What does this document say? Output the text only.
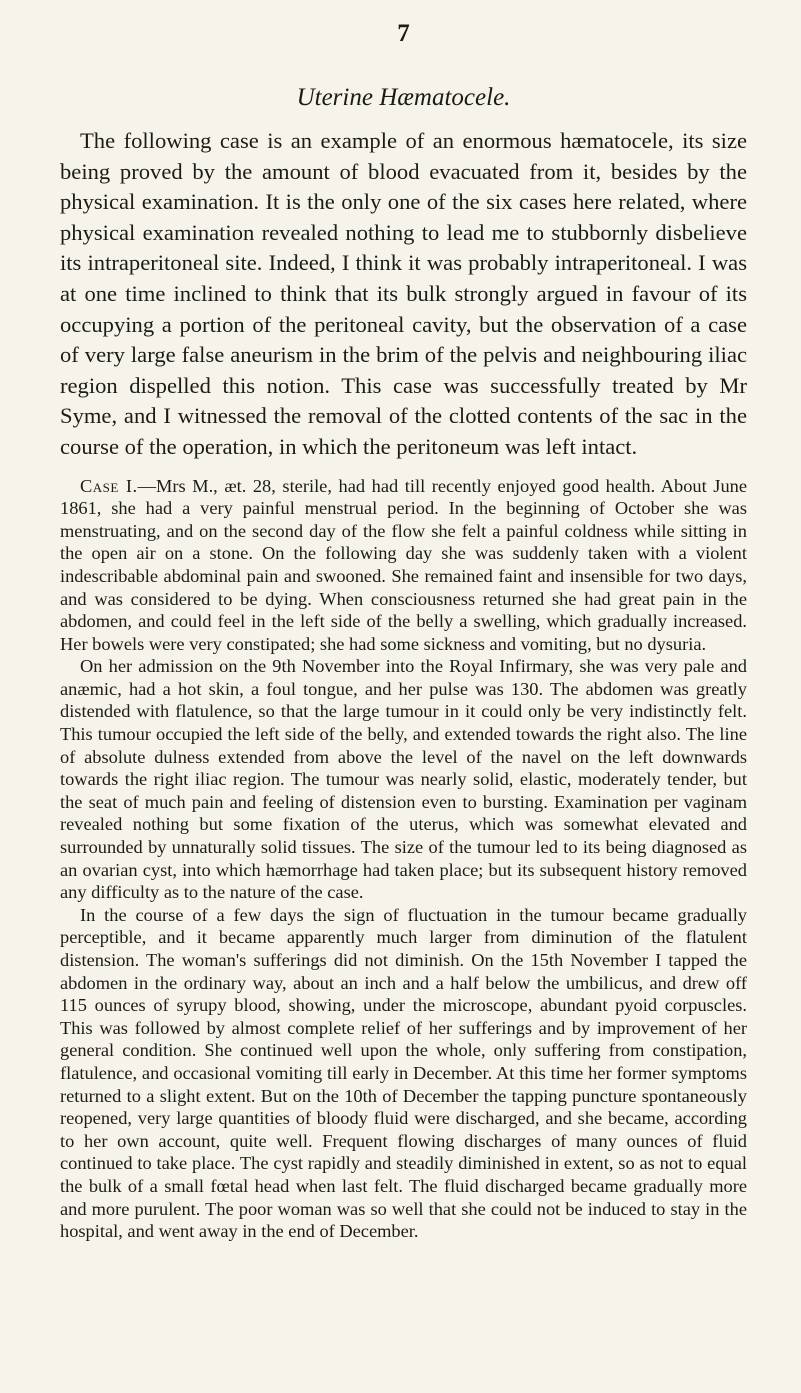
7
Uterine Hæmatocele.

The following case is an example of an enormous hæmatocele, its size being proved by the amount of blood evacuated from it, besides by the physical examination. It is the only one of the six cases here related, where physical examination revealed nothing to lead me to stubbornly disbelieve its intraperitoneal site. Indeed, I think it was probably intraperitoneal. I was at one time inclined to think that its bulk strongly argued in favour of its occupying a portion of the peritoneal cavity, but the observation of a case of very large false aneurism in the brim of the pelvis and neighbouring iliac region dispelled this notion. This case was successfully treated by Mr Syme, and I witnessed the removal of the clotted contents of the sac in the course of the operation, in which the peritoneum was left intact.

Case I.—Mrs M., æt. 28, sterile, had had till recently enjoyed good health. About June 1861, she had a very painful menstrual period. In the beginning of October she was menstruating, and on the second day of the flow she felt a painful coldness while sitting in the open air on a stone. On the following day she was suddenly taken with a violent indescribable abdominal pain and swooned. She remained faint and insensible for two days, and was considered to be dying. When consciousness returned she had great pain in the abdomen, and could feel in the left side of the belly a swelling, which gradually increased. Her bowels were very constipated; she had some sickness and vomiting, but no dysuria.

On her admission on the 9th November into the Royal Infirmary, she was very pale and anæmic, had a hot skin, a foul tongue, and her pulse was 130. The abdomen was greatly distended with flatulence, so that the large tumour in it could only be very indistinctly felt. This tumour occupied the left side of the belly, and extended towards the right also. The line of absolute dulness extended from above the level of the navel on the left downwards towards the right iliac region. The tumour was nearly solid, elastic, moderately tender, but the seat of much pain and feeling of distension even to bursting. Examination per vaginam revealed nothing but some fixation of the uterus, which was somewhat elevated and surrounded by unnaturally solid tissues. The size of the tumour led to its being diagnosed as an ovarian cyst, into which hæmorrhage had taken place; but its subsequent history removed any difficulty as to the nature of the case.

In the course of a few days the sign of fluctuation in the tumour became gradually perceptible, and it became apparently much larger from diminution of the flatulent distension. The woman's sufferings did not diminish. On the 15th November I tapped the abdomen in the ordinary way, about an inch and a half below the umbilicus, and drew off 115 ounces of syrupy blood, showing, under the microscope, abundant pyoid corpuscles. This was followed by almost complete relief of her sufferings and by improvement of her general condition. She continued well upon the whole, only suffering from constipation, flatulence, and occasional vomiting till early in December. At this time her former symptoms returned to a slight extent. But on the 10th of December the tapping puncture spontaneously reopened, very large quantities of bloody fluid were discharged, and she became, according to her own account, quite well. Frequent flowing discharges of many ounces of fluid continued to take place. The cyst rapidly and steadily diminished in extent, so as not to equal the bulk of a small fœtal head when last felt. The fluid discharged became gradually more and more purulent. The poor woman was so well that she could not be induced to stay in the hospital, and went away in the end of December.
